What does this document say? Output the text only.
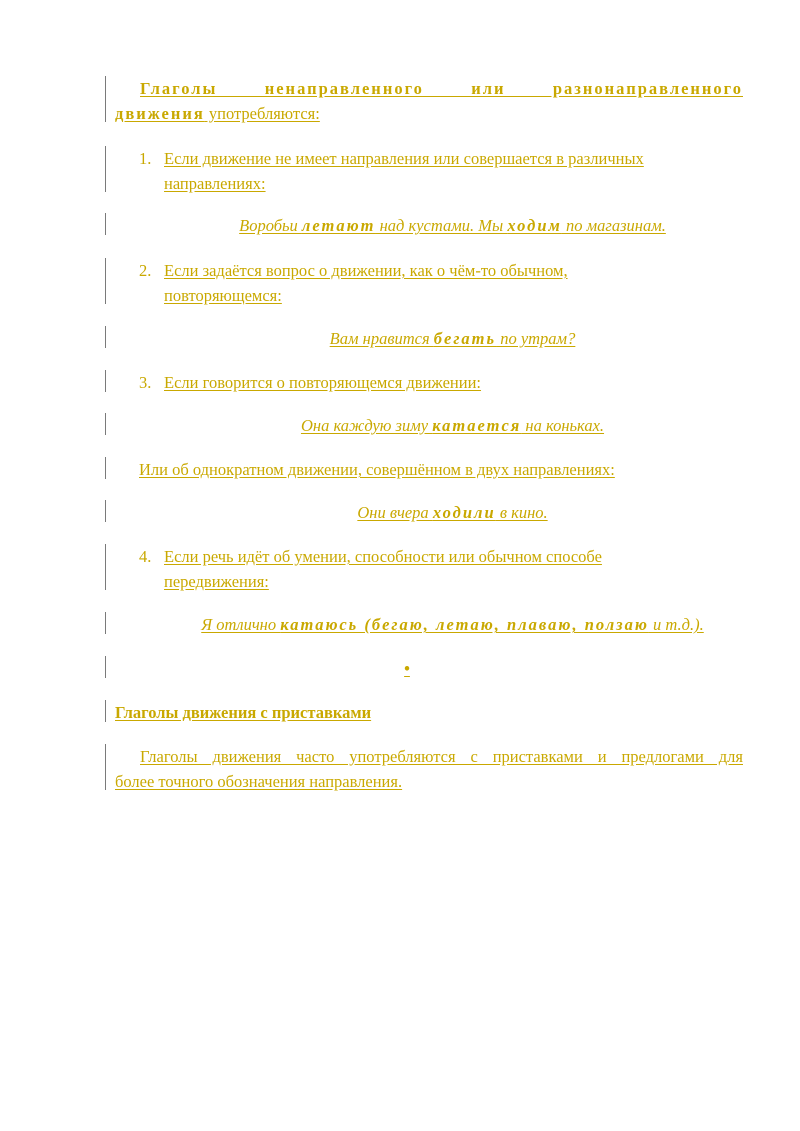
Глаголы ненаправленного или разнонаправленного
движения употребляются:
1. Если движение не имеет направления или совершается в различных
направлениях:
Воробьи летают над кустами. Мы ходим по магазинам.
2. Если задаётся вопрос о движении, как о чём-то обычном,
повторяющемся:
Вам нравится бегать по утрам?
3. Если говорится о повторяющемся движении:
Она каждую зиму катается на коньках.
Или об однократном движении, совершённом в двух направлениях:
Они вчера ходили в кино.
4. Если речь идёт об умении, способности или обычном способе
передвижения:
Я отлично катаюсь (бегаю, летаю, плаваю, ползаю и т.д.).
•
Глаголы движения с приставками
Глаголы движения часто употребляются с приставками и предлогами для
более точного обозначения направления.
